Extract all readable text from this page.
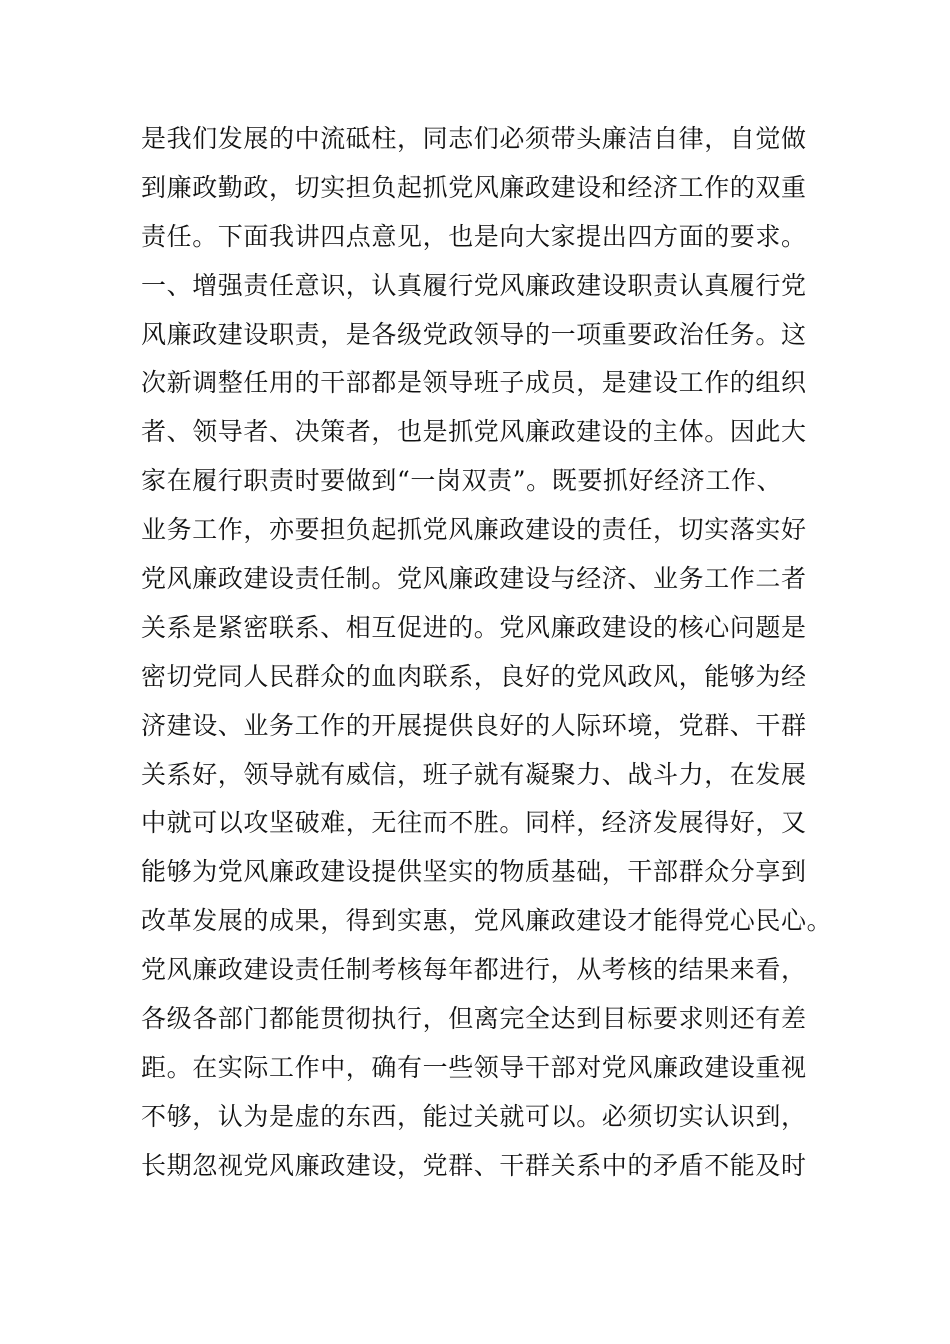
是我们发展的中流砥柱，同志们必须带头廉洁自律，自觉做
到廉政勤政，切实担负起抓党风廉政建设和经济工作的双重
责任。下面我讲四点意见，也是向大家提出四方面的要求。
一、增强责任意识，认真履行党风廉政建设职责认真履行党
风廉政建设职责，是各级党政领导的一项重要政治任务。这
次新调整任用的干部都是领导班子成员，是建设工作的组织
者、领导者、决策者，也是抓党风廉政建设的主体。因此大
家在履行职责时要做到“一岗双责”。既要抓好经济工作、
业务工作，亦要担负起抓党风廉政建设的责任，切实落实好
党风廉政建设责任制。党风廉政建设与经济、业务工作二者
关系是紧密联系、相互促进的。党风廉政建设的核心问题是
密切党同人民群众的血肉联系，良好的党风政风，能够为经
济建设、业务工作的开展提供良好的人际环境，党群、干群
关系好，领导就有威信，班子就有凝聚力、战斗力，在发展
中就可以攻坚破难，无往而不胜。同样，经济发展得好，又
能够为党风廉政建设提供坚实的物质基础，干部群众分享到
改革发展的成果，得到实惠，党风廉政建设才能得党心民心。
党风廉政建设责任制考核每年都进行，从考核的结果来看，
各级各部门都能贯彻执行，但离完全达到目标要求则还有差
距。在实际工作中，确有一些领导干部对党风廉政建设重视
不够，认为是虚的东西，能过关就可以。必须切实认识到，
长期忽视党风廉政建设，党群、干群关系中的矛盾不能及时
